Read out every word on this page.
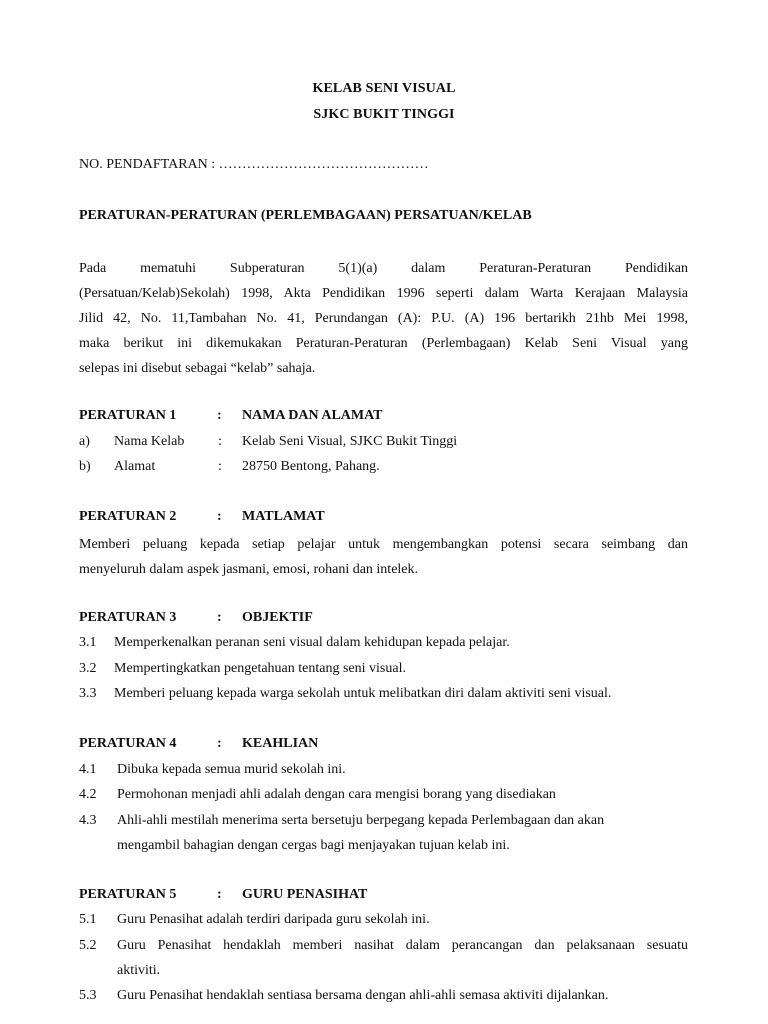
KELAB SENI VISUAL
SJKC BUKIT TINGGI
NO. PENDAFTARAN : ………………………………………
PERATURAN-PERATURAN (PERLEMBAGAAN) PERSATUAN/KELAB
Pada mematuhi Subperaturan 5(1)(a) dalam Peraturan-Peraturan Pendidikan
(Persatuan/Kelab)Sekolah) 1998, Akta Pendidikan 1996 seperti dalam Warta Kerajaan Malaysia
Jilid 42, No. 11,Tambahan No. 41, Perundangan (A): P.U. (A) 196 bertarikh 21hb Mei 1998,
maka berikut ini dikemukakan Peraturan-Peraturan (Perlembagaan) Kelab Seni Visual yang
selepas ini disebut sebagai “kelab” sahaja.
PERATURAN 1	: NAMA DAN ALAMAT
a) Nama Kelab : Kelab Seni Visual, SJKC Bukit Tinggi
b) Alamat	: 28750 Bentong, Pahang.
PERATURAN 2	: MATLAMAT
Memberi peluang kepada setiap pelajar untuk mengembangkan potensi secara seimbang dan
menyeluruh dalam aspek jasmani, emosi, rohani dan intelek.
PERATURAN 3	: OBJEKTIF
3.1 Memperkenalkan peranan seni visual dalam kehidupan kepada pelajar.
3.2 Mempertingkatkan pengetahuan tentang seni visual.
3.3 Memberi peluang kepada warga sekolah untuk melibatkan diri dalam aktiviti seni visual.
PERATURAN 4	: KEAHLIAN
4.1 Dibuka kepada semua murid sekolah ini.
4.2 Permohonan menjadi ahli adalah dengan cara mengisi borang yang disediakan
4.3 Ahli-ahli mestilah menerima serta bersetuju berpegang kepada Perlembagaan dan akan
mengambil bahagian dengan cergas bagi menjayakan tujuan kelab ini.
PERATURAN 5	: GURU PENASIHAT
5.1 Guru Penasihat adalah terdiri daripada guru sekolah ini.
5.2 Guru Penasihat hendaklah memberi nasihat dalam perancangan dan pelaksanaan sesuatu
aktiviti.
5.3 Guru Penasihat hendaklah sentiasa bersama dengan ahli-ahli semasa aktiviti dijalankan.
